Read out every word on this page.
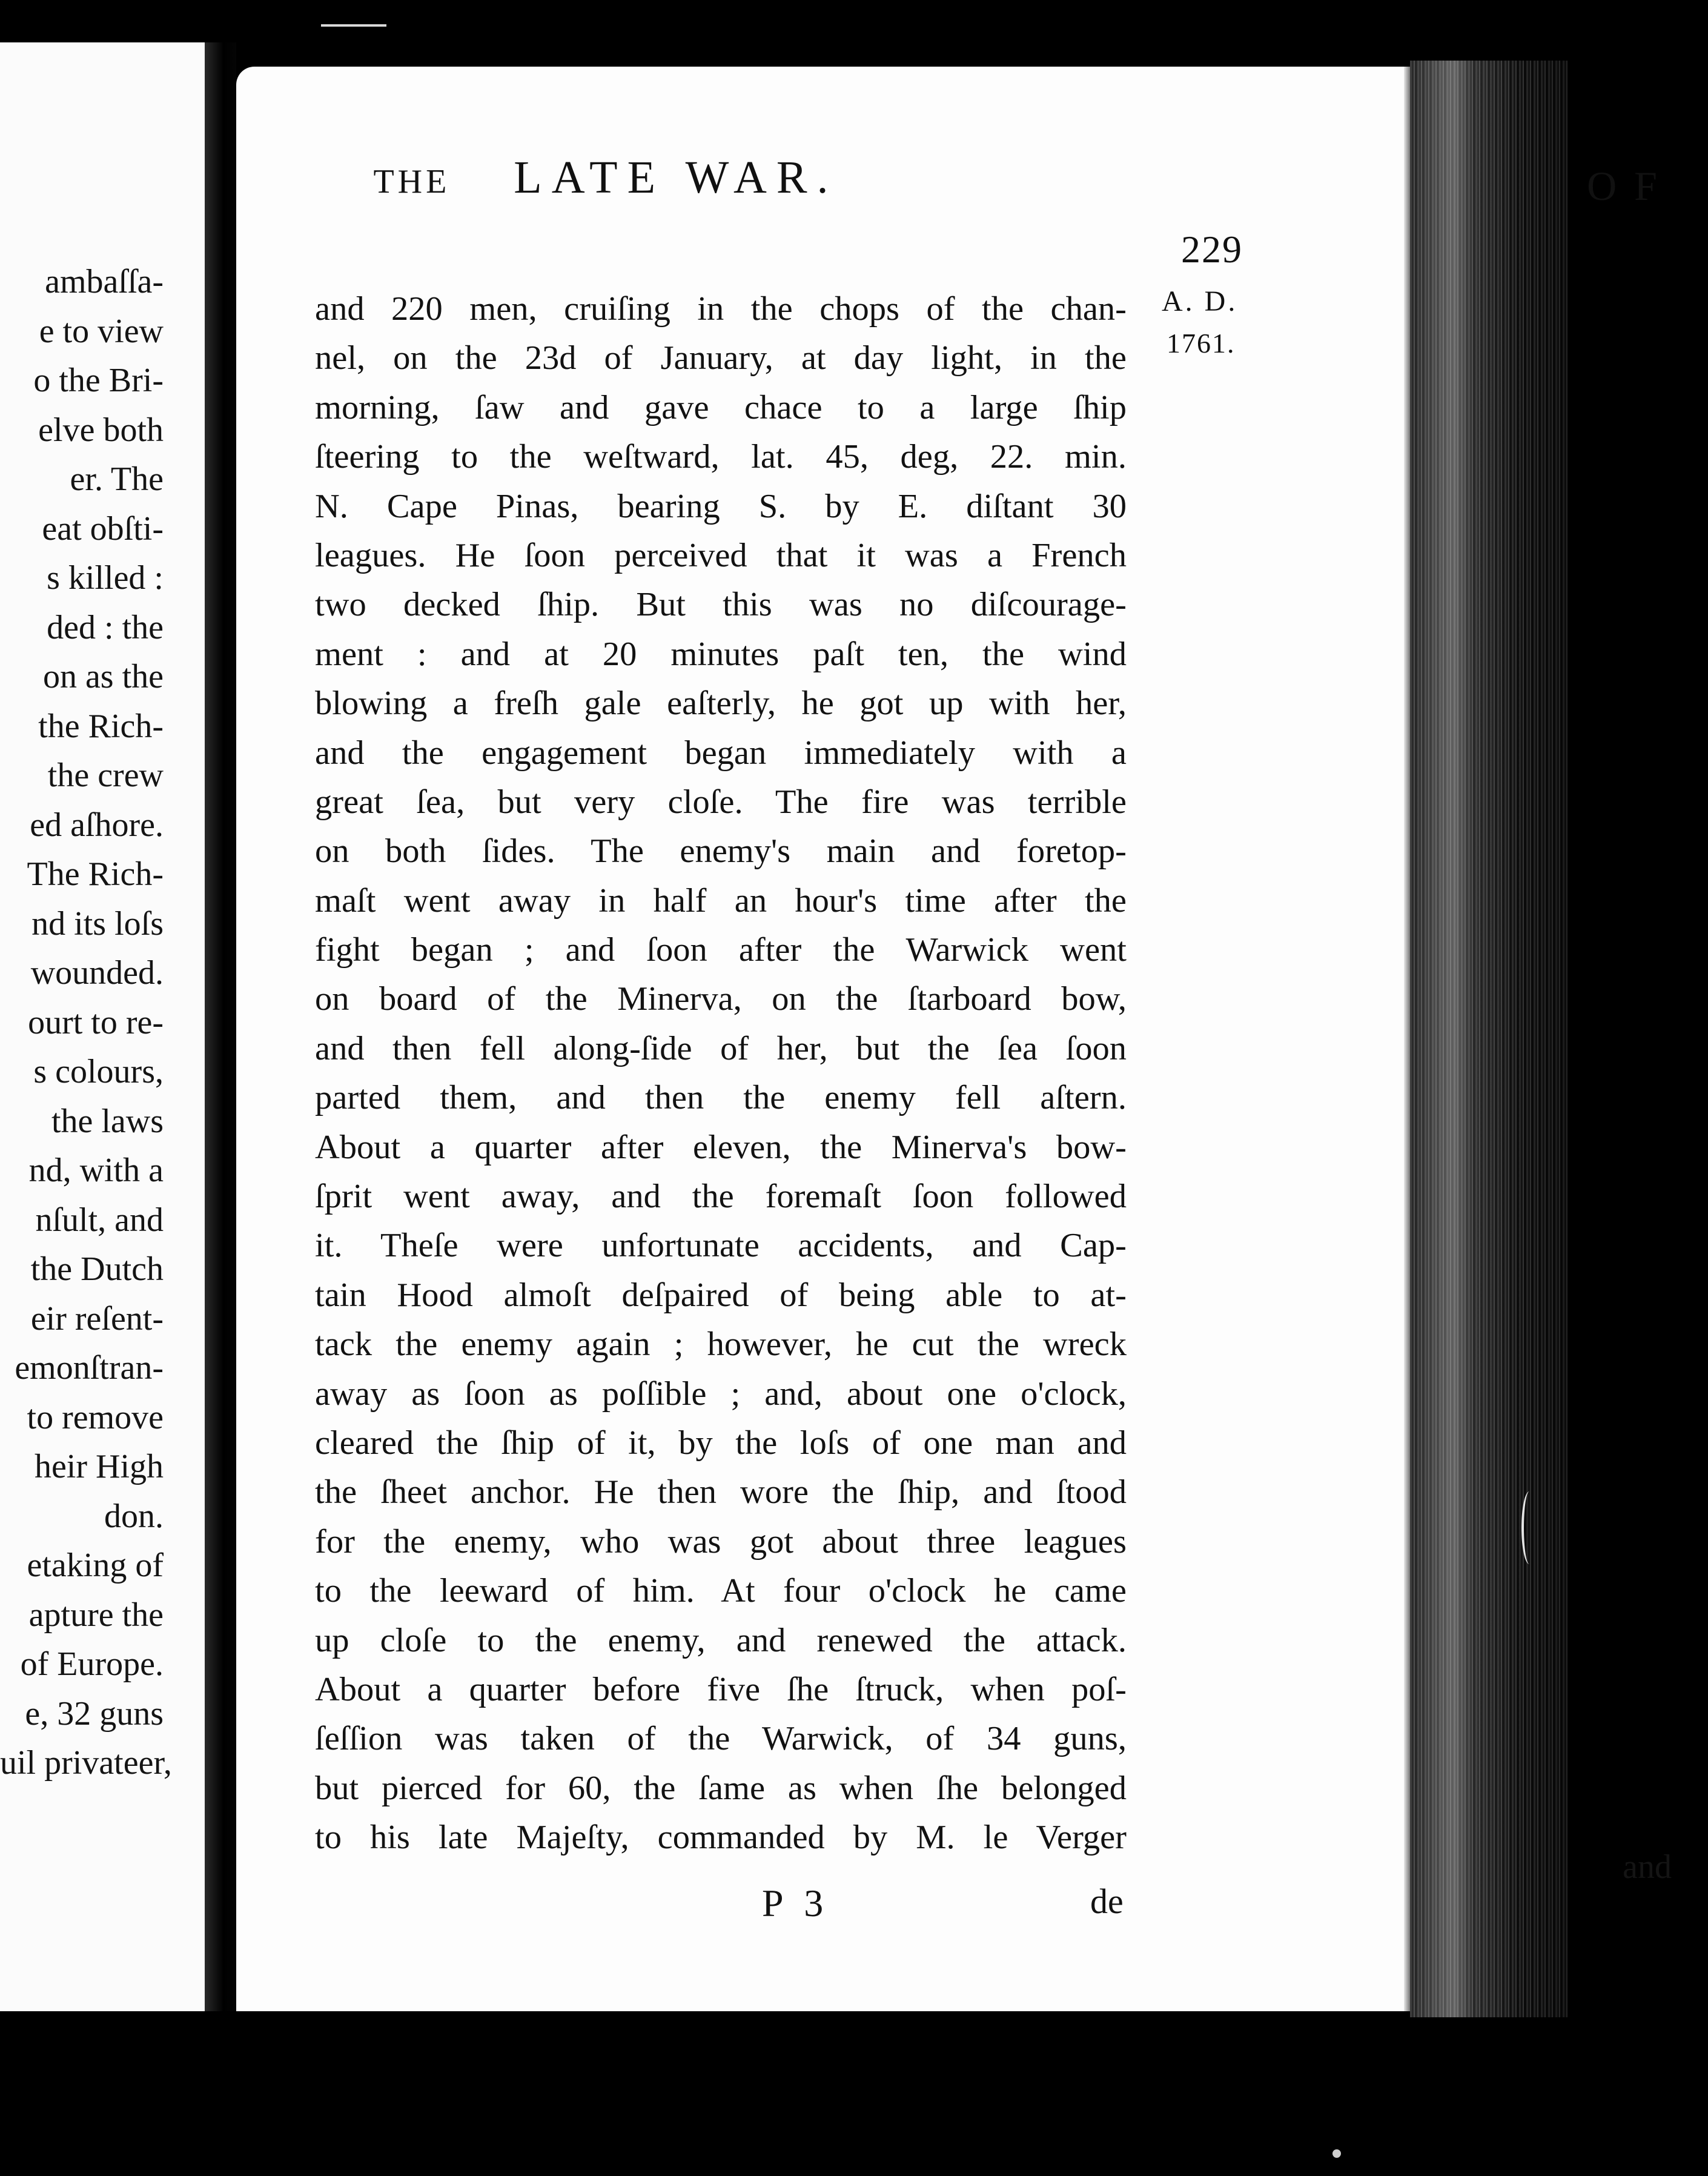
O F
ambaſſa-
e to view
o the Bri-
elve both
er. The
eat obſti-
s killed :
ded : the
on as the
the Rich-
the crew
ed aſhore.
The Rich-
nd its loſs
wounded.
ourt to re-
s colours,
the laws
nd, with a
nſult, and
the Dutch
eir reſent-
emonſtran-
to remove
heir High
don.
etaking of
apture the
of Europe.
e, 32 guns
uil privateer,
and
THE LATE WAR.
229
A. D.
1761.
and 220 men, cruiſing in the chops of the chan-
nel, on the 23d of January, at day light, in the
morning, ſaw and gave chace to a large ſhip
ſteering to the weſtward, lat. 45, deg, 22. min.
N. Cape Pinas, bearing S. by E. diſtant 30
leagues. He ſoon perceived that it was a French
two decked ſhip. But this was no diſcourage-
ment : and at 20 minutes paſt ten, the wind
blowing a freſh gale eaſterly, he got up with her,
and the engagement began immediately with a
great ſea, but very cloſe. The fire was terrible
on both ſides. The enemy's main and foretop-
maſt went away in half an hour's time after the
fight began ; and ſoon after the Warwick went
on board of the Minerva, on the ſtarboard bow,
and then fell along-ſide of her, but the ſea ſoon
parted them, and then the enemy fell aſtern.
About a quarter after eleven, the Minerva's bow-
ſprit went away, and the foremaſt ſoon followed
it. Theſe were unfortunate accidents, and Cap-
tain Hood almoſt deſpaired of being able to at-
tack the enemy again ; however, he cut the wreck
away as ſoon as poſſible ; and, about one o'clock,
cleared the ſhip of it, by the loſs of one man and
the ſheet anchor. He then wore the ſhip, and ſtood
for the enemy, who was got about three leagues
to the leeward of him. At four o'clock he came
up cloſe to the enemy, and renewed the attack.
About a quarter before five ſhe ſtruck, when poſ-
ſeſſion was taken of the Warwick, of 34 guns,
but pierced for 60, the ſame as when ſhe belonged
to his late Majeſty, commanded by M. le Verger
P 3	de
